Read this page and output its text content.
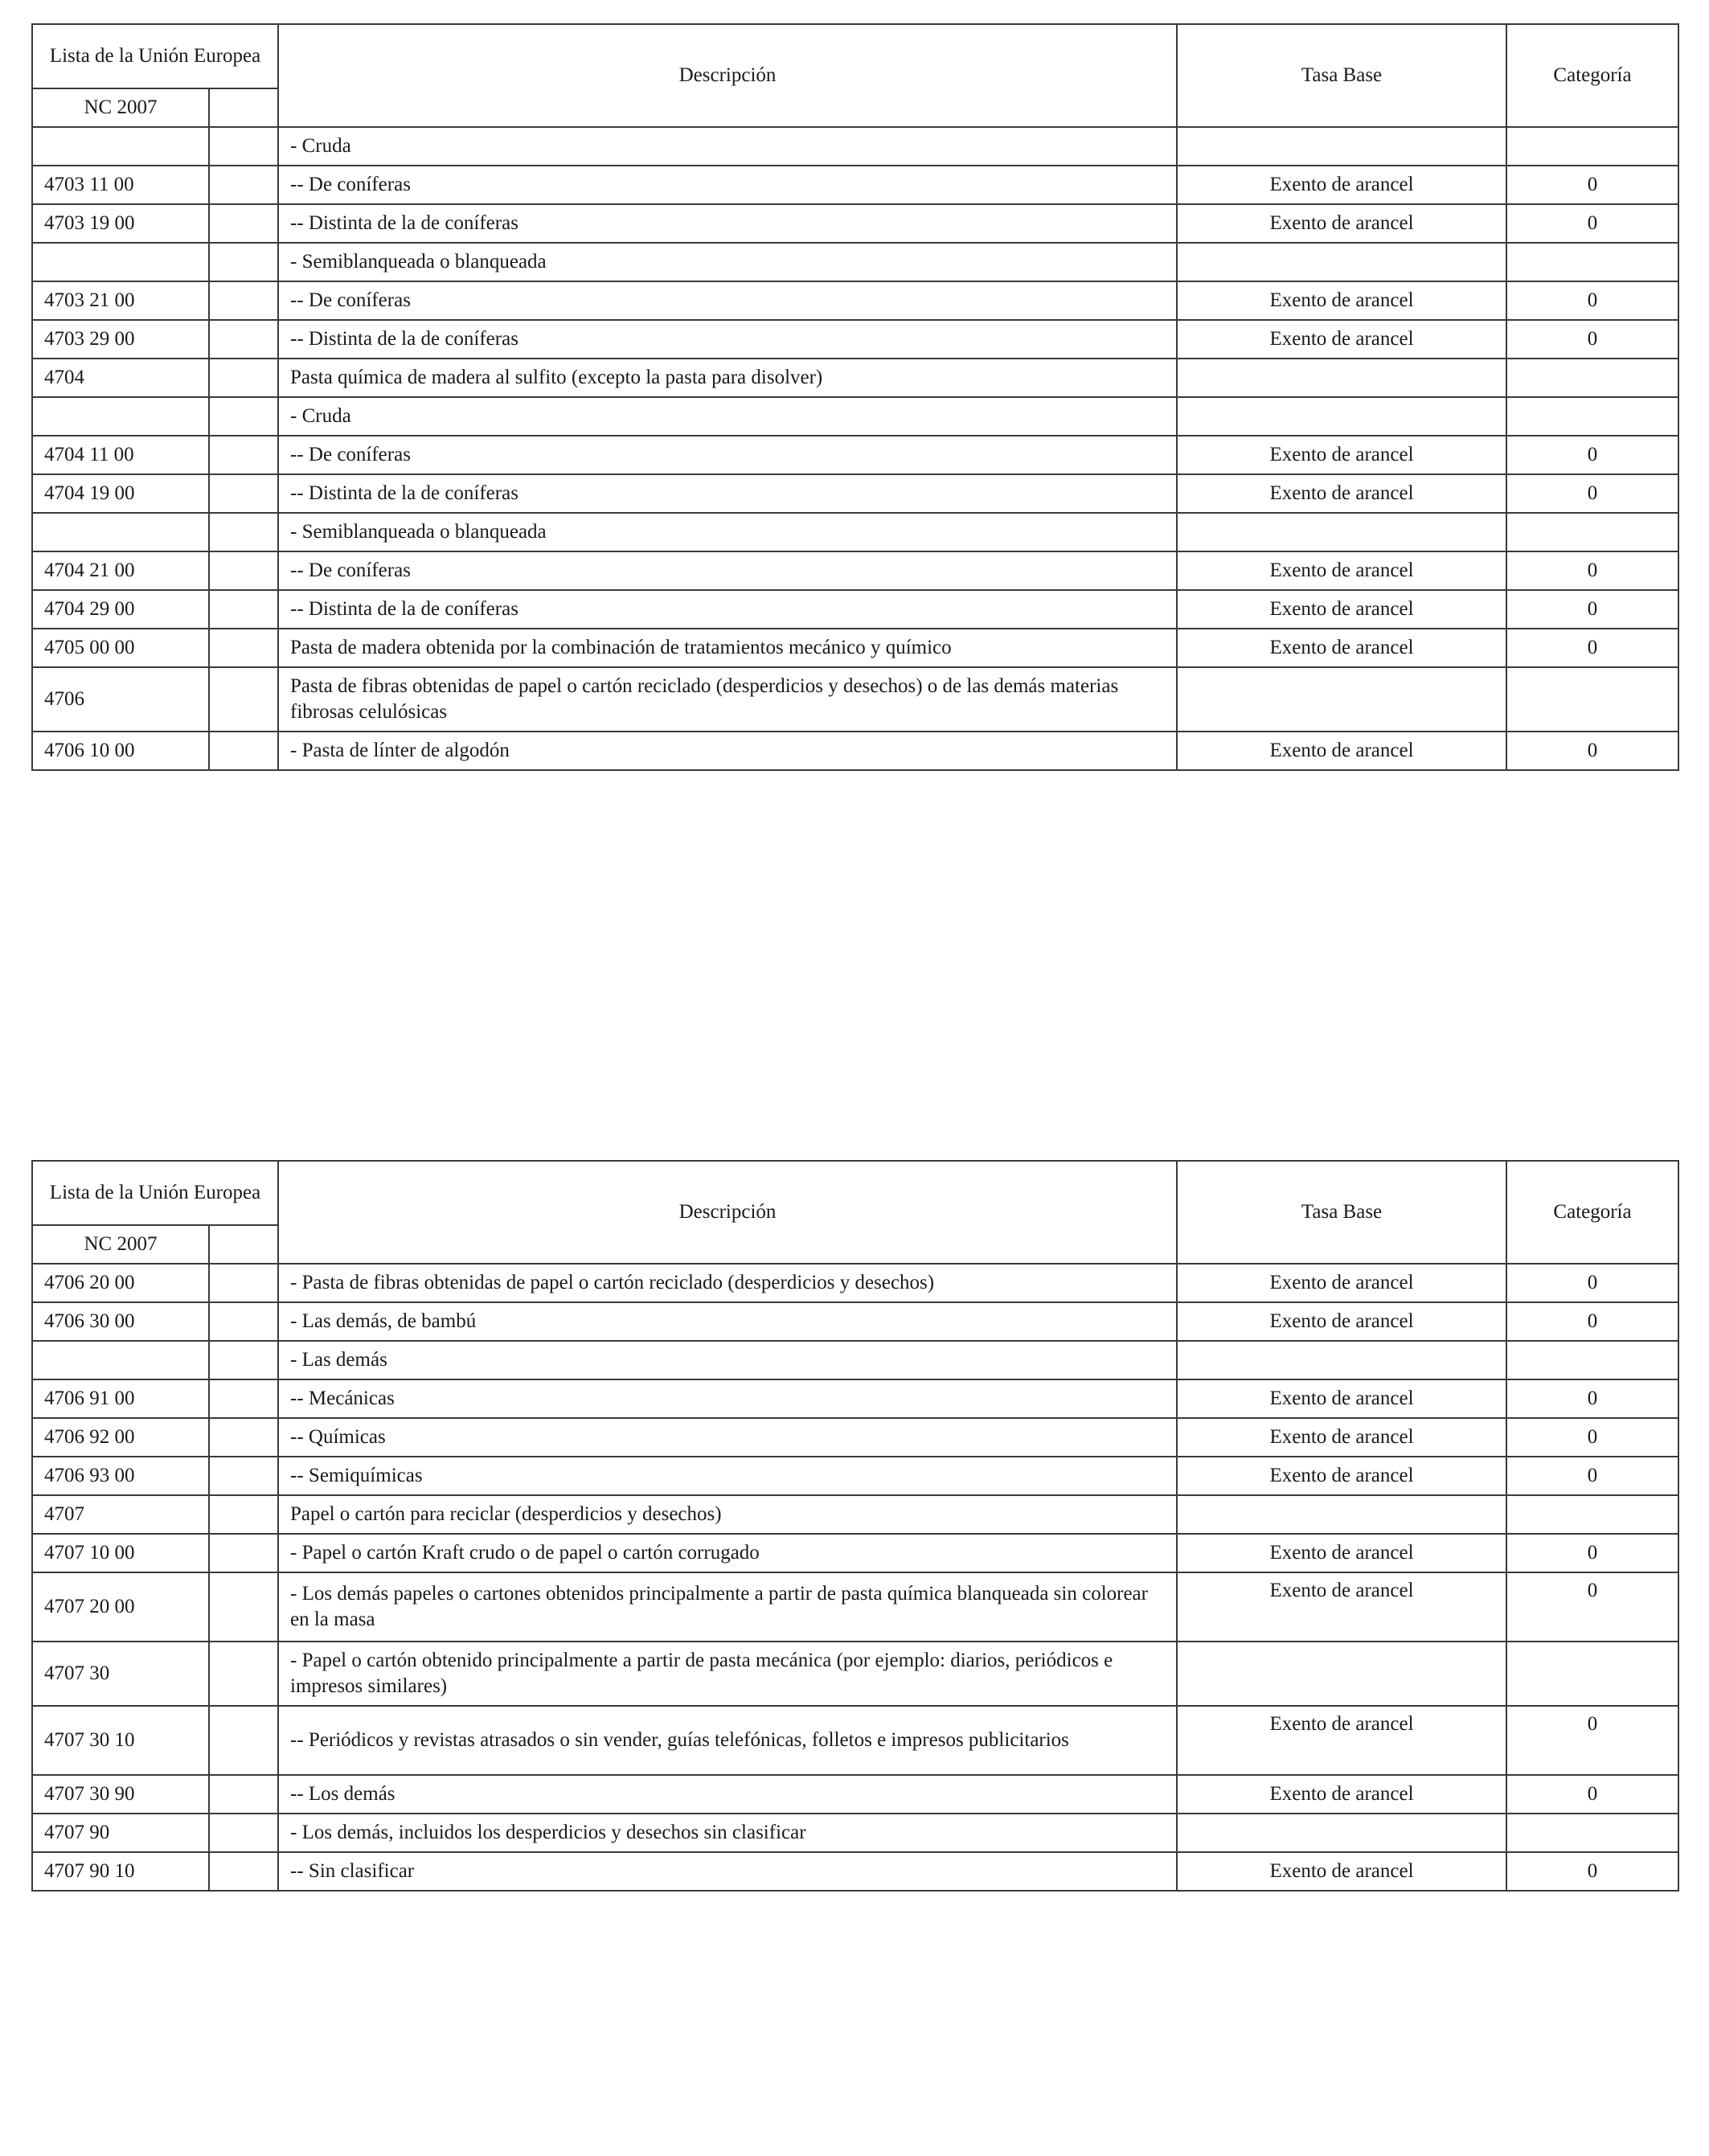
Lista de la Unión Europea		Descripción	Tasa Base	Categoría
NC 2007				
		- Cruda		
4703 11 00		-- De coníferas	Exento de arancel	0
4703 19 00		-- Distinta de la de coníferas	Exento de arancel	0
		- Semiblanqueada o blanqueada		
4703 21 00		-- De coníferas	Exento de arancel	0
4703 29 00		-- Distinta de la de coníferas	Exento de arancel	0
4704		Pasta química de madera al sulfito (excepto la pasta para disolver)		
		- Cruda		
4704 11 00		-- De coníferas	Exento de arancel	0
4704 19 00		-- Distinta de la de coníferas	Exento de arancel	0
		- Semiblanqueada o blanqueada		
4704 21 00		-- De coníferas	Exento de arancel	0
4704 29 00		-- Distinta de la de coníferas	Exento de arancel	0
4705 00 00		Pasta de madera obtenida por la combinación de tratamientos mecánico y químico	Exento de arancel	0
4706		Pasta de fibras obtenidas de papel o cartón reciclado (desperdicios y desechos) o de las demás materias fibrosas celulósicas		
4706 10 00		- Pasta de línter de algodón	Exento de arancel	0
Lista de la Unión Europea		Descripción	Tasa Base	Categoría
NC 2007				
4706 20 00		- Pasta de fibras obtenidas de papel o cartón reciclado (desperdicios y desechos)	Exento de arancel	0
4706 30 00		- Las demás, de bambú	Exento de arancel	0
		- Las demás		
4706 91 00		-- Mecánicas	Exento de arancel	0
4706 92 00		-- Químicas	Exento de arancel	0
4706 93 00		-- Semiquímicas	Exento de arancel	0
4707		Papel o cartón para reciclar (desperdicios y desechos)		
4707 10 00		- Papel o cartón Kraft crudo o de papel o cartón corrugado	Exento de arancel	0
4707 20 00		- Los demás papeles o cartones obtenidos principalmente a partir de pasta química blanqueada sin colorear en la masa	Exento de arancel	0
4707 30		- Papel o cartón obtenido principalmente a partir de pasta mecánica (por ejemplo: diarios, periódicos e impresos similares)		
4707 30 10		-- Periódicos y revistas atrasados o sin vender, guías telefónicas, folletos e impresos publicitarios	Exento de arancel	0
4707 30 90		-- Los demás	Exento de arancel	0
4707 90		- Los demás, incluidos los desperdicios y desechos sin clasificar		
4707 90 10		-- Sin clasificar	Exento de arancel	0
